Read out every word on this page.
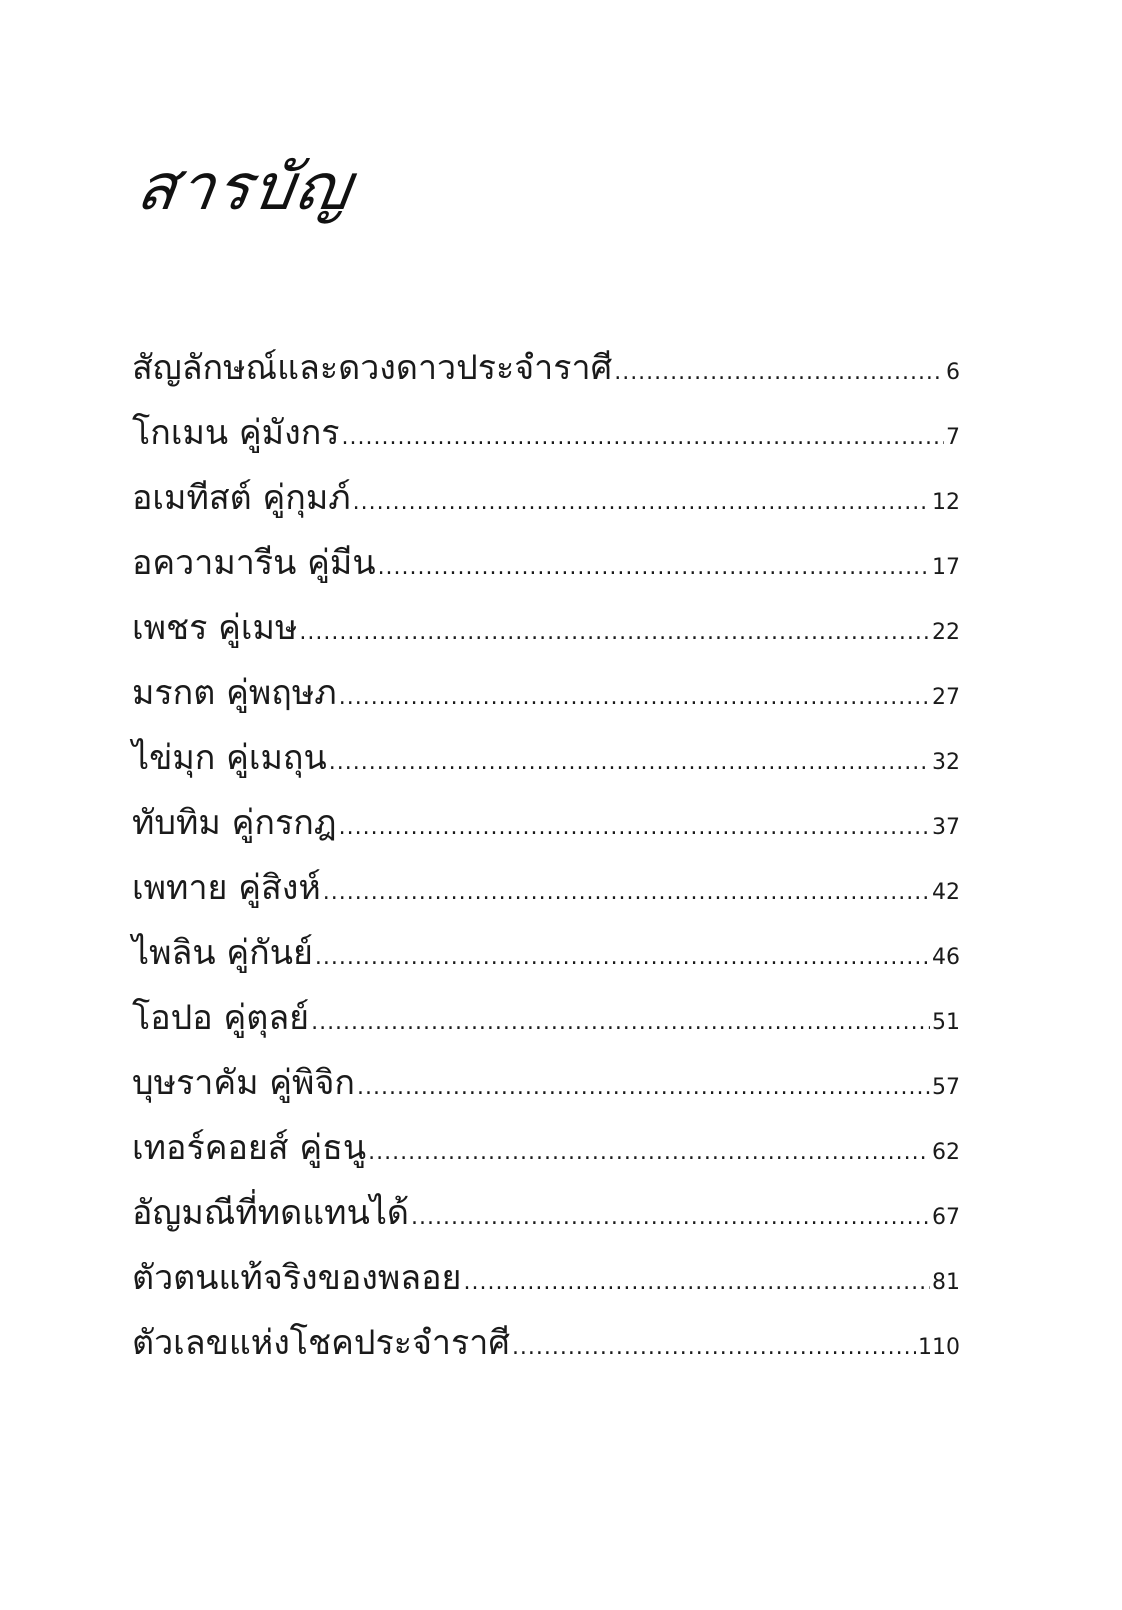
สารบัญ
สัญลักษณ์และดวงดาวประจำราศี .....	6
โกเมน คู่มังกร .....	7
อเมทีสต์ คู่กุมภ์ .....	12
อความารีน คู่มีน .....	17
เพชร คู่เมษ .....	22
มรกต คู่พฤษภ .....	27
ไข่มุก คู่เมถุน .....	32
ทับทิม คู่กรกฎ .....	37
เพทาย คู่สิงห์ .....	42
ไพลิน คู่กันย์ .....	46
โอปอ คู่ตุลย์ .....	51
บุษราคัม คู่พิจิก .....	57
เทอร์คอยส์ คู่ธนู .....	62
อัญมณีที่ทดแทนได้ .....	67
ตัวตนแท้จริงของพลอย .....	81
ตัวเลขแห่งโชคประจำราศี .....	110
